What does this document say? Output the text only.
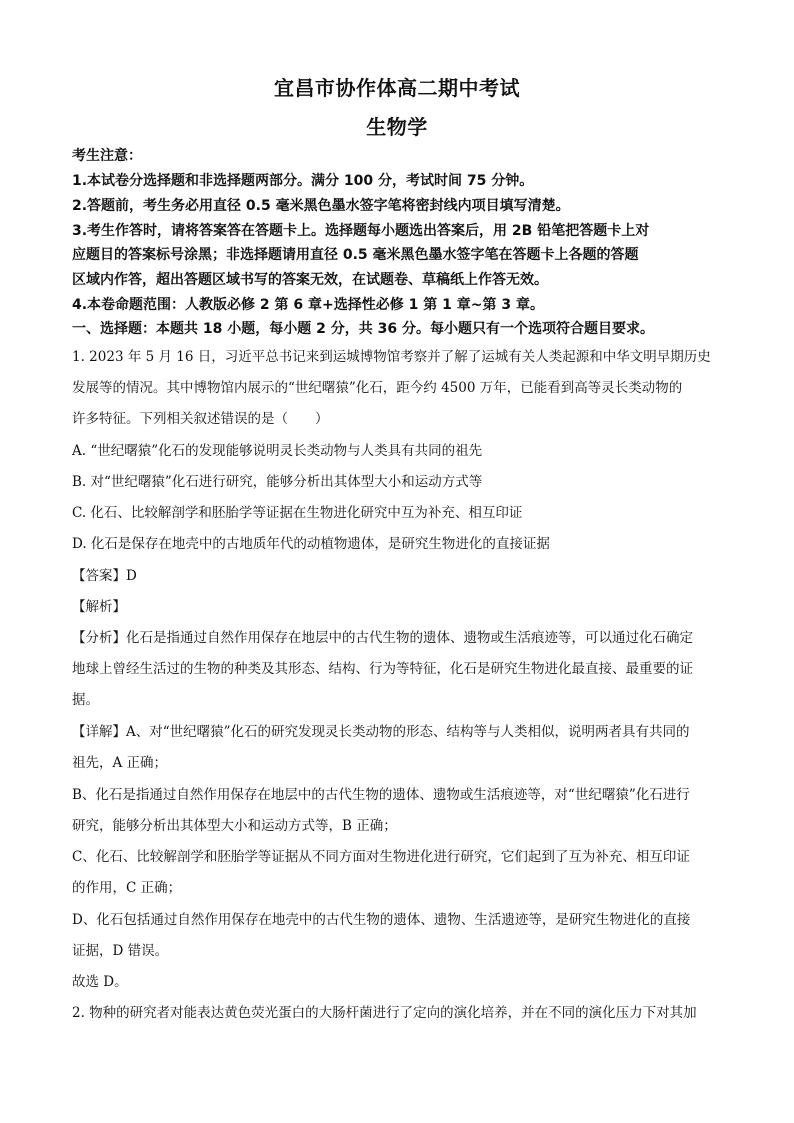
宜昌市协作体高二期中考试
生物学
考生注意：
1.本试卷分选择题和非选择题两部分。满分 100 分，考试时间 75 分钟。
2.答题前，考生务必用直径 0.5 毫米黑色墨水签字笔将密封线内项目填写清楚。
3.考生作答时，请将答案答在答题卡上。选择题每小题选出答案后，用 2B 铅笔把答题卡上对
应题目的答案标号涂黑；非选择题请用直径 0.5 毫米黑色墨水签字笔在答题卡上各题的答题
区域内作答，超出答题区域书写的答案无效，在试题卷、草稿纸上作答无效。
4.本卷命题范围：人教版必修 2 第 6 章+选择性必修 1 第 1 章~第 3 章。
一、选择题：本题共 18 小题，每小题 2 分，共 36 分。每小题只有一个选项符合题目要求。
1. 2023 年 5 月 16 日，习近平总书记来到运城博物馆考察并了解了运城有关人类起源和中华文明早期历史
发展等的情况。其中博物馆内展示的“世纪曙猿”化石，距今约 4500 万年，已能看到高等灵长类动物的
许多特征。下列相关叙述错误的是（　　）
A. “世纪曙猿”化石的发现能够说明灵长类动物与人类具有共同的祖先
B. 对“世纪曙猿”化石进行研究，能够分析出其体型大小和运动方式等
C. 化石、比较解剖学和胚胎学等证据在生物进化研究中互为补充、相互印证
D. 化石是保存在地壳中的古地质年代的动植物遗体，是研究生物进化的直接证据
【答案】D
【解析】
【分析】化石是指通过自然作用保存在地层中的古代生物的遗体、遗物或生活痕迹等，可以通过化石确定
地球上曾经生活过的生物的种类及其形态、结构、行为等特征，化石是研究生物进化最直接、最重要的证
据。
【详解】A、对“世纪曙猿”化石的研究发现灵长类动物的形态、结构等与人类相似，说明两者具有共同的
祖先，A 正确；
B、化石是指通过自然作用保存在地层中的古代生物的遗体、遗物或生活痕迹等，对“世纪曙猿”化石进行
研究，能够分析出其体型大小和运动方式等，B 正确；
C、化石、比较解剖学和胚胎学等证据从不同方面对生物进化进行研究，它们起到了互为补充、相互印证
的作用，C 正确；
D、化石包括通过自然作用保存在地壳中的古代生物的遗体、遗物、生活遗迹等，是研究生物进化的直接
证据，D 错误。
故选 D。
2. 物种的研究者对能表达黄色荧光蛋白的大肠杆菌进行了定向的演化培养，并在不同的演化压力下对其加
